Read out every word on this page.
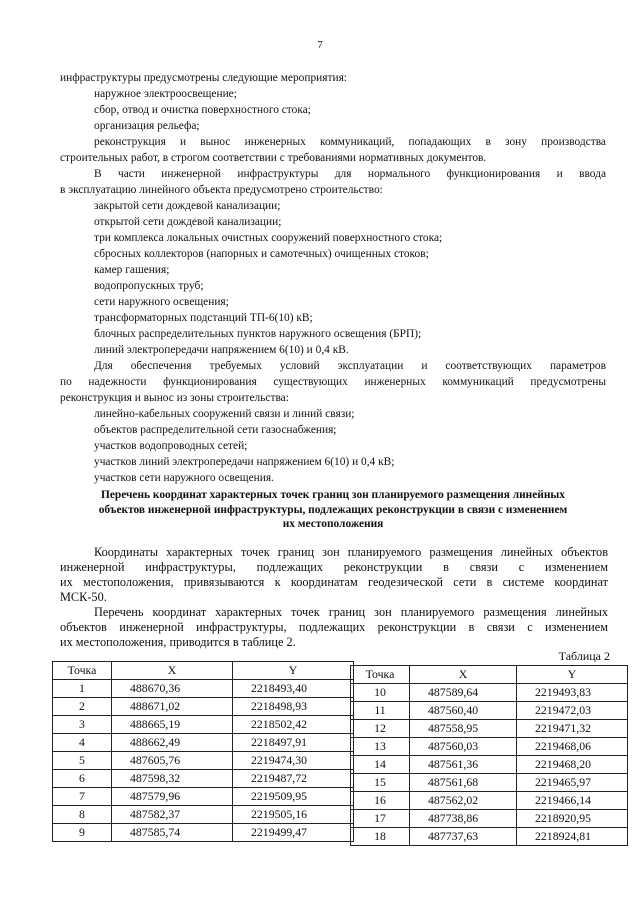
7

инфраструктуры предусмотрены следующие мероприятия:

наружное электроосвещение;
сбор, отвод и очистка поверхностного стока;
организация рельефа;

реконструкция и вынос инженерных коммуникаций, попадающих в зону производства

строительных работ, в строгом соответствии с требованиями нормативных документов.

В части инженерной инфраструктуры для нормального функционирования и ввода

в эксплуатацию линейного объекта предусмотрено строительство:

закрытой сети дождевой канализации;
открытой сети дождевой канализации;
три комплекса локальных очистных сооружений поверхностного стока;
сбросных коллекторов (напорных и самотечных) очищенных стоков;
камер гашения;
водопропускных труб;
сети наружного освещения;
трансформаторных подстанций ТП-6(10) кВ;
блочных распределительных пунктов наружного освещения (БРП);
линий электропередачи напряжением 6(10) и 0,4 кВ.

Для обеспечения требуемых условий эксплуатации и соответствующих параметров

по надежности функционирования существующих инженерных коммуникаций предусмотрены

реконструкция и вынос из зоны строительства:

линейно-кабельных сооружений связи и линий связи;
объектов распределительной сети газоснабжения;
участков водопроводных сетей;
участков линий электропередачи напряжением 6(10) и 0,4 кВ;
участков сети наружного освещения.
Перечень координат характерных точек границ зон планируемого размещения линейных
объектов инженерной инфраструктуры, подлежащих реконструкции в связи с изменением
их местоположения

Координаты характерных точек границ зон планируемого размещения линейных объектов

инженерной инфраструктуры, подлежащих реконструкции в связи с изменением

их местоположения, привязываются к координатам геодезической сети в системе координат

МСК-50.

Перечень координат характерных точек границ зон планируемого размещения линейных

объектов инженерной инфраструктуры, подлежащих реконструкции в связи с изменением

их местоположения, приводится в таблице 2.

Таблица 2
Точка	X	Y
1	488670,36	2218493,40
2	488671,02	2218498,93
3	488665,19	2218502,42
4	488662,49	2218497,91
5	487605,76	2219474,30
6	487598,32	2219487,72
7	487579,96	2219509,95
8	487582,37	2219505,16
9	487585,74	2219499,47
Точка	X	Y
10	487589,64	2219493,83
11	487560,40	2219472,03
12	487558,95	2219471,32
13	487560,03	2219468,06
14	487561,36	2219468,20
15	487561,68	2219465,97
16	487562,02	2219466,14
17	487738,86	2218920,95
18	487737,63	2218924,81
